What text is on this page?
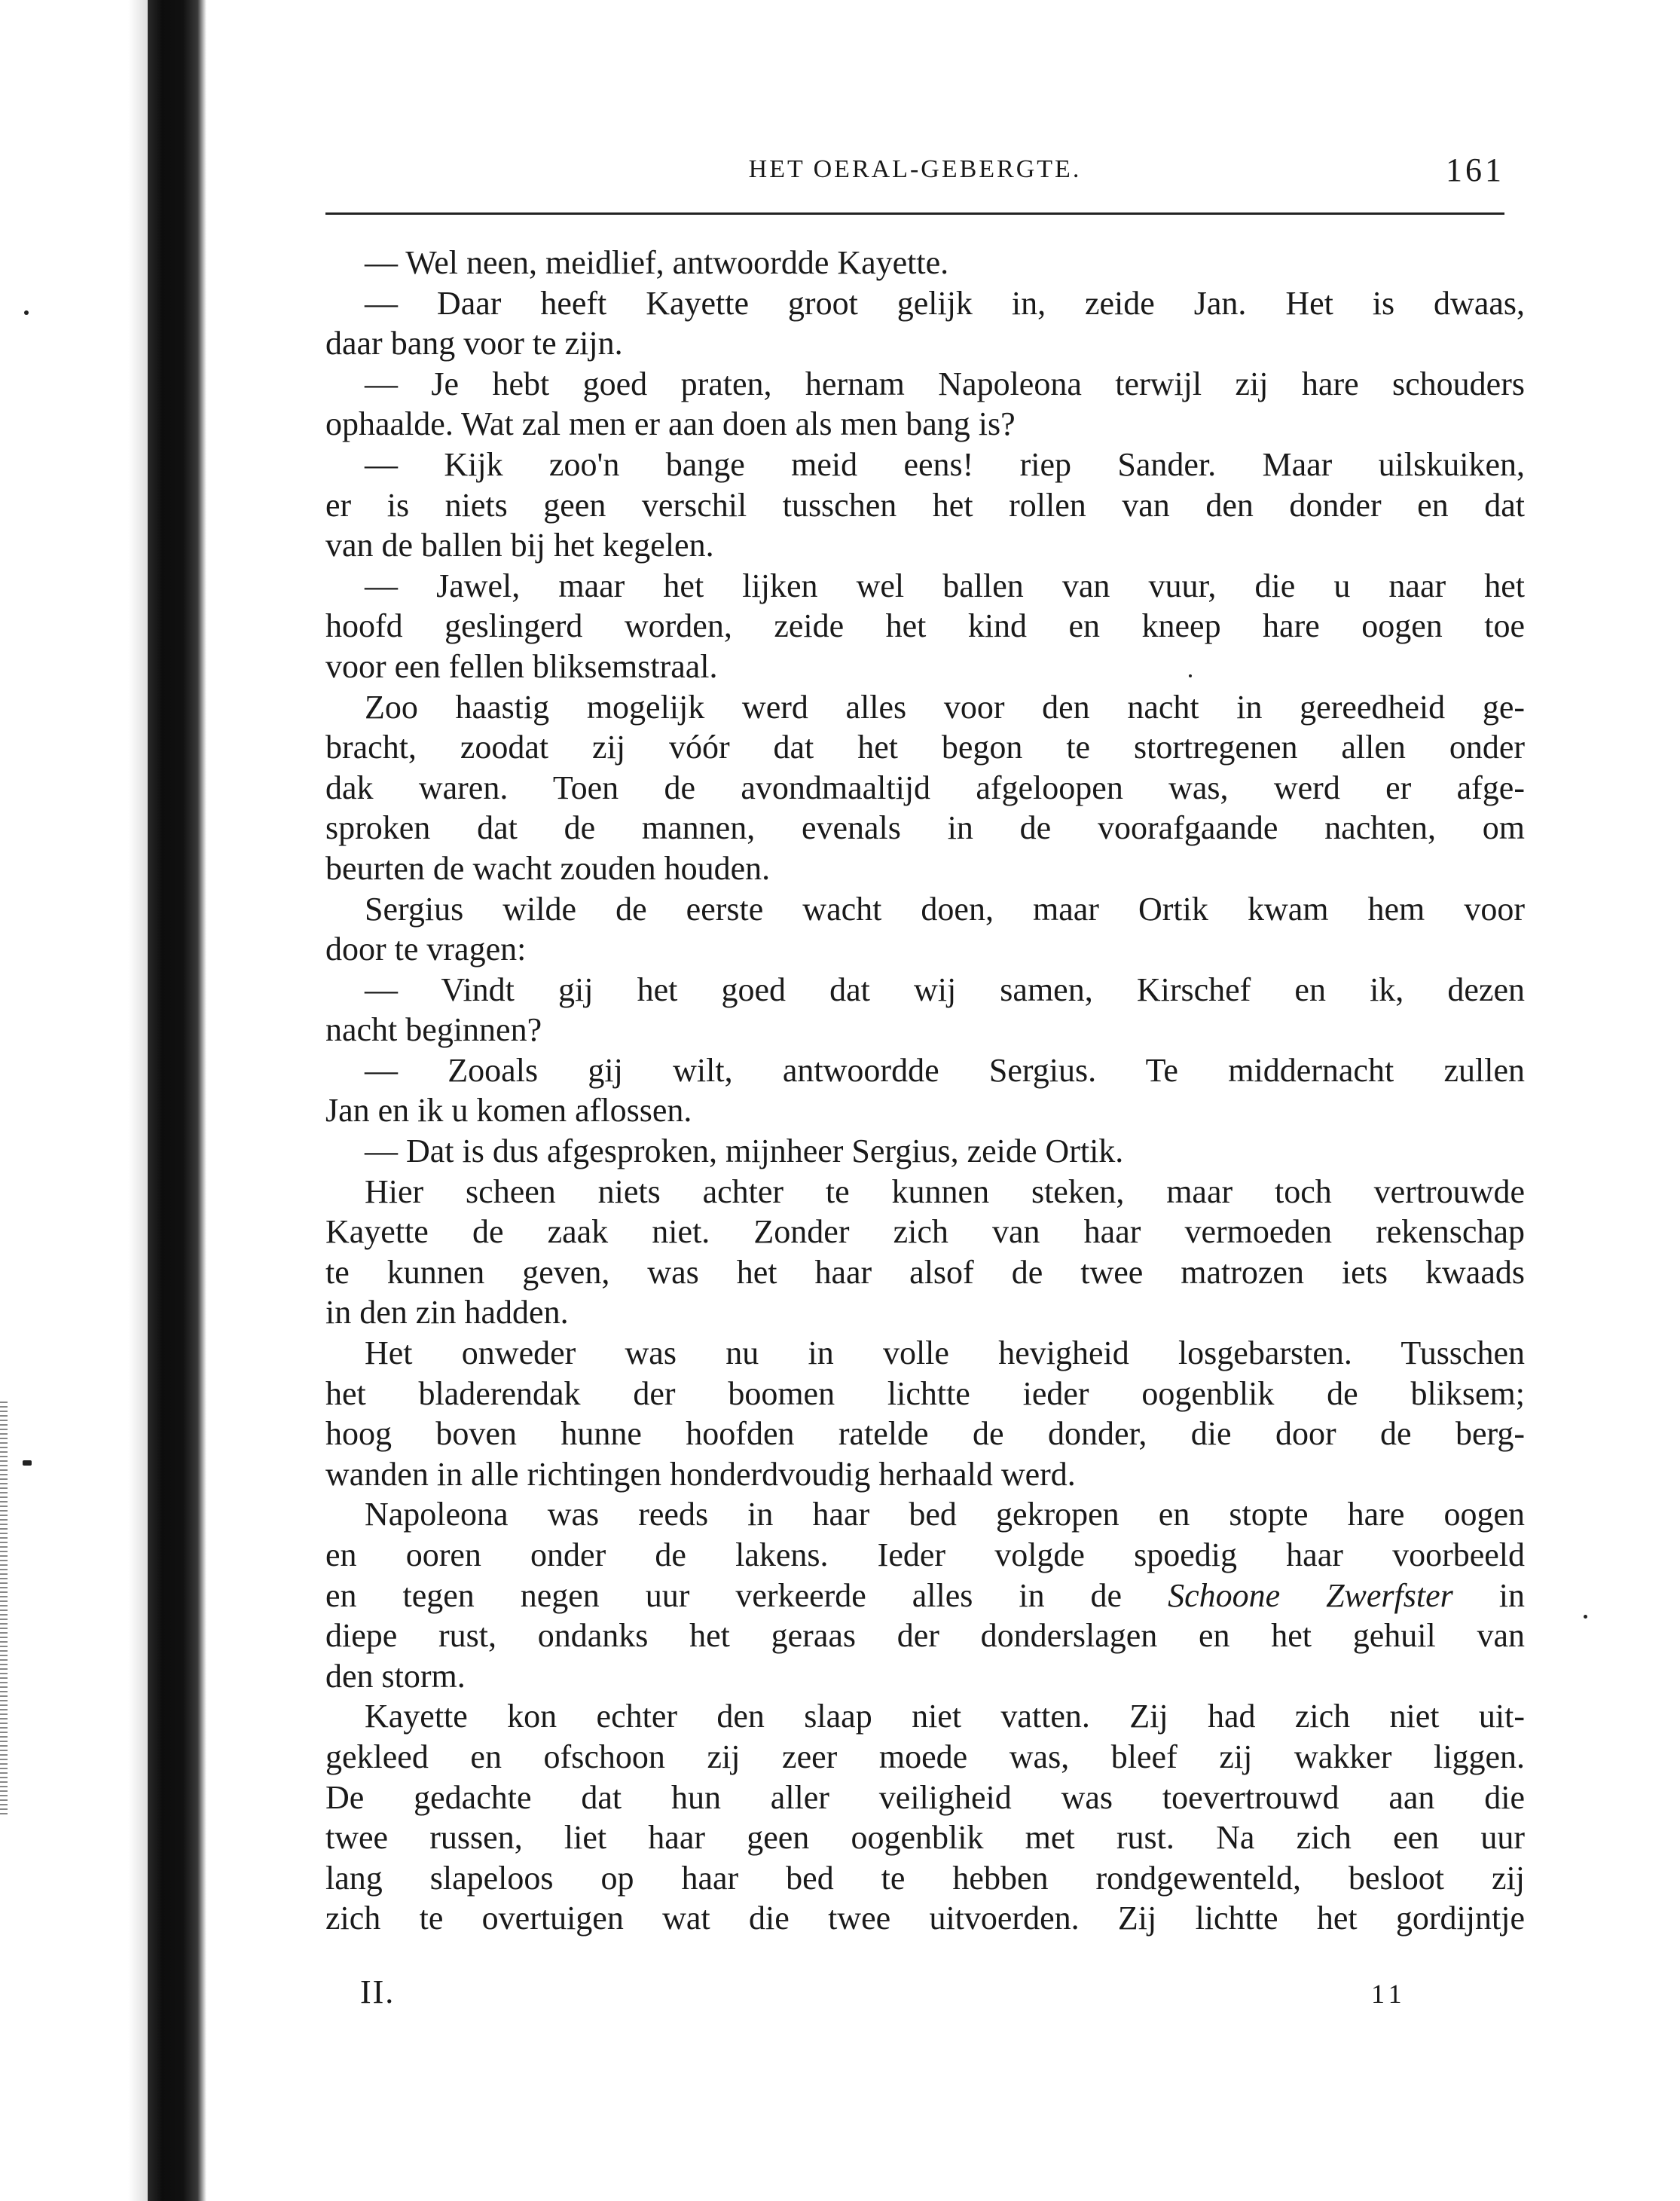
HET OERAL-GEBERGTE.	161
— Wel neen, meidlief, antwoordde Kayette.
— Daar heeft Kayette groot gelijk in, zeide Jan. Het is dwaas,
daar bang voor te zijn.
— Je hebt goed praten, hernam Napoleona terwijl zij hare schouders
ophaalde. Wat zal men er aan doen als men bang is?
— Kijk zoo'n bange meid eens! riep Sander. Maar uilskuiken,
er is niets geen verschil tusschen het rollen van den donder en dat
van de ballen bij het kegelen.
— Jawel, maar het lijken wel ballen van vuur, die u naar het
hoofd geslingerd worden, zeide het kind en kneep hare oogen toe
voor een fellen bliksemstraal.
Zoo haastig mogelijk werd alles voor den nacht in gereedheid ge-
bracht, zoodat zij vóór dat het begon te stortregenen allen onder
dak waren. Toen de avondmaaltijd afgeloopen was, werd er afge-
sproken dat de mannen, evenals in de voorafgaande nachten, om
beurten de wacht zouden houden.
Sergius wilde de eerste wacht doen, maar Ortik kwam hem voor
door te vragen:
— Vindt gij het goed dat wij samen, Kirschef en ik, dezen
nacht beginnen?
— Zooals gij wilt, antwoordde Sergius. Te middernacht zullen
Jan en ik u komen aflossen.
— Dat is dus afgesproken, mijnheer Sergius, zeide Ortik.
Hier scheen niets achter te kunnen steken, maar toch vertrouwde
Kayette de zaak niet. Zonder zich van haar vermoeden rekenschap
te kunnen geven, was het haar alsof de twee matrozen iets kwaads
in den zin hadden.
Het onweder was nu in volle hevigheid losgebarsten. Tusschen
het bladerendak der boomen lichtte ieder oogenblik de bliksem;
hoog boven hunne hoofden ratelde de donder, die door de berg-
wanden in alle richtingen honderdvoudig herhaald werd.
Napoleona was reeds in haar bed gekropen en stopte hare oogen
en ooren onder de lakens. Ieder volgde spoedig haar voorbeeld
en tegen negen uur verkeerde alles in de Schoone Zwerfster in
diepe rust, ondanks het geraas der donderslagen en het gehuil van
den storm.
Kayette kon echter den slaap niet vatten. Zij had zich niet uit-
gekleed en ofschoon zij zeer moede was, bleef zij wakker liggen.
De gedachte dat hun aller veiligheid was toevertrouwd aan die
twee russen, liet haar geen oogenblik met rust. Na zich een uur
lang slapeloos op haar bed te hebben rondgewenteld, besloot zij
zich te overtuigen wat die twee uitvoerden. Zij lichtte het gordijntje
II.	11
